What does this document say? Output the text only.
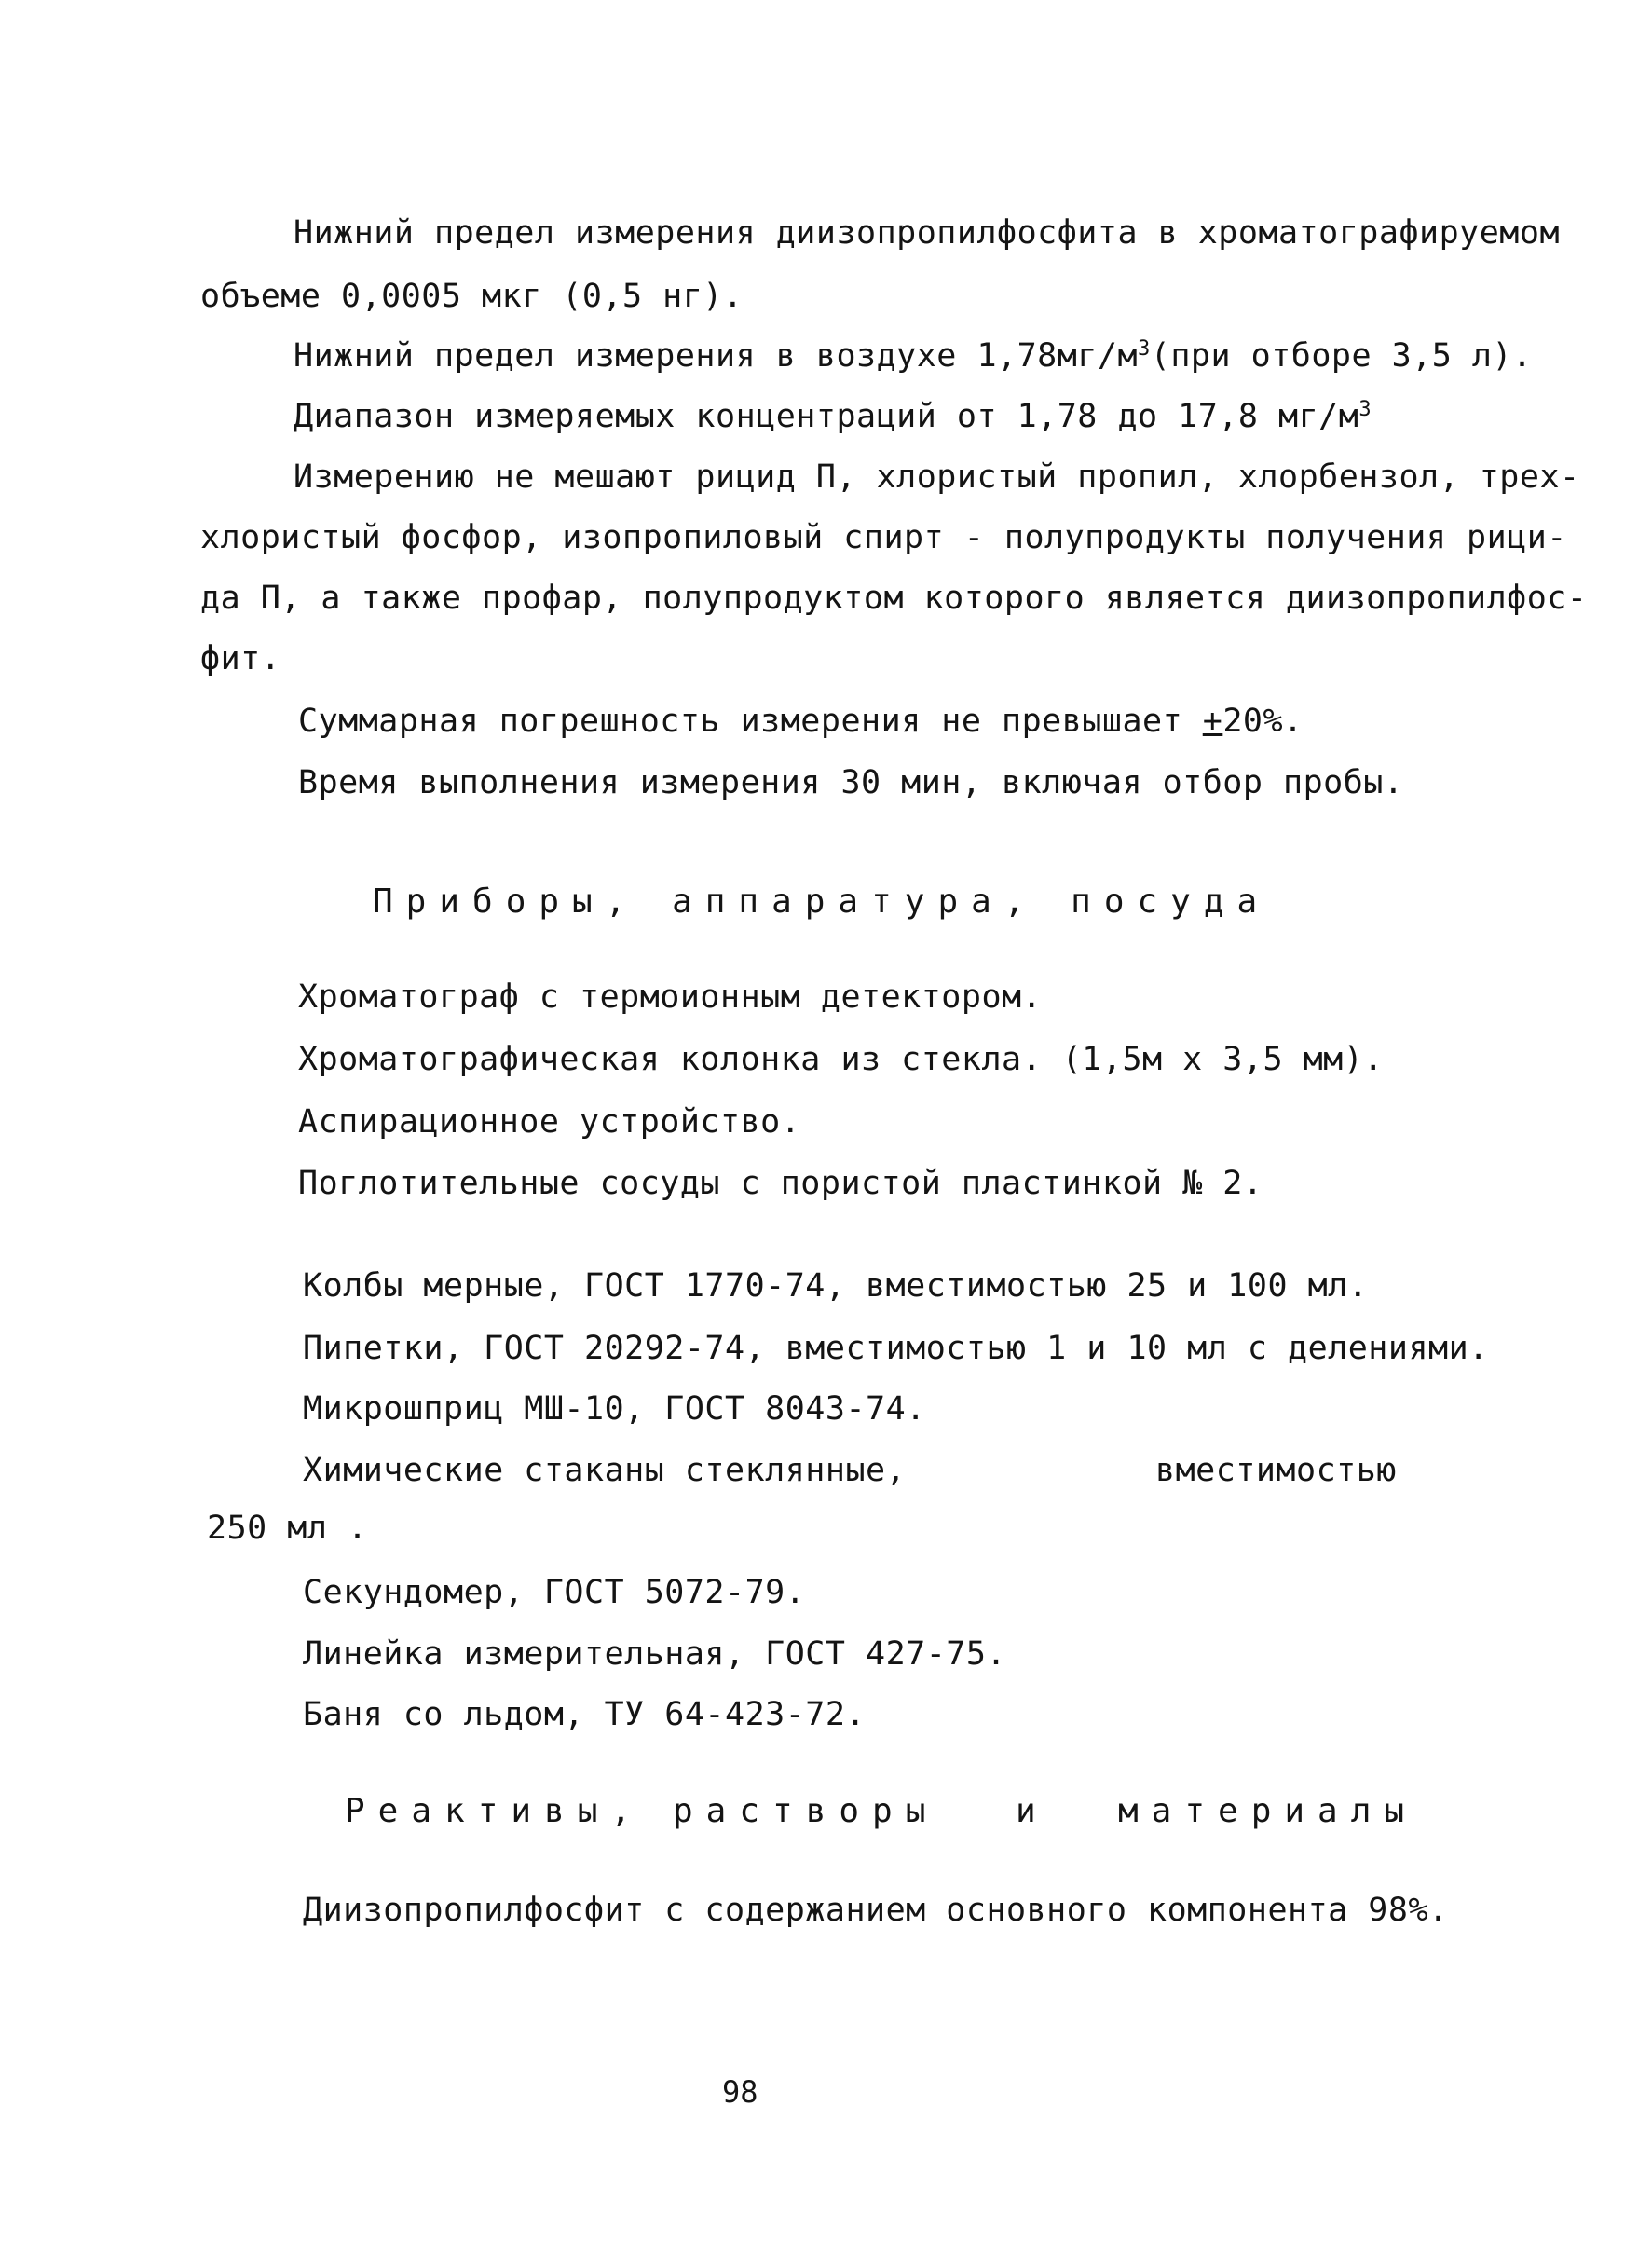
Нижний предел измерения диизопропилфосфита в хроматографируемом
объеме 0,0005 мкг (0,5 нг).
Нижний предел измерения в воздухе $1,78мг/м^3(при$ отборе 3,5 л).
Диапазон измеряемых концентраций от 1,78 до 17,8 $мг/м^3$
Измерению не мешают рицид П, хлористый пропил, хлорбензол, трех-
хлористый фосфор, изопропиловый спирт - полупродукты получения рици-
да П, а также профар, полупродуктом которого является диизопропилфос-
фит.
Суммарная погрешность измерения не превышает +20%.
Время выполнения измерения 30 мин, включая отбор пробы.
Приборы, аппаратура, посуда
Хроматограф с термоионным детектором.
Хроматографическая колонка из стекла. (1,5м х 3,5 мм).
Аспирационное устройство.
Поглотительные сосуды с пористой пластинкой № 2.
Колбы мерные, ГОСТ 1770-74, вместимостью 25 и 100 мл.
Пипетки, ГОСТ 20292-74, вместимостью 1 и 10 мл с делениями.
Микрошприц МШ-10, ГОСТ 8043-74.
Химические стаканы стеклянные,	вместимостью
250 мл .
Секундомер, ГОСТ 5072-79.
Линейка измерительная, ГОСТ 427-75.
Баня со льдом, ТУ 64-423-72.
Реактивы, растворы и материалы
Диизопропилфосфит с содержанием основного компонента 98%.
98
